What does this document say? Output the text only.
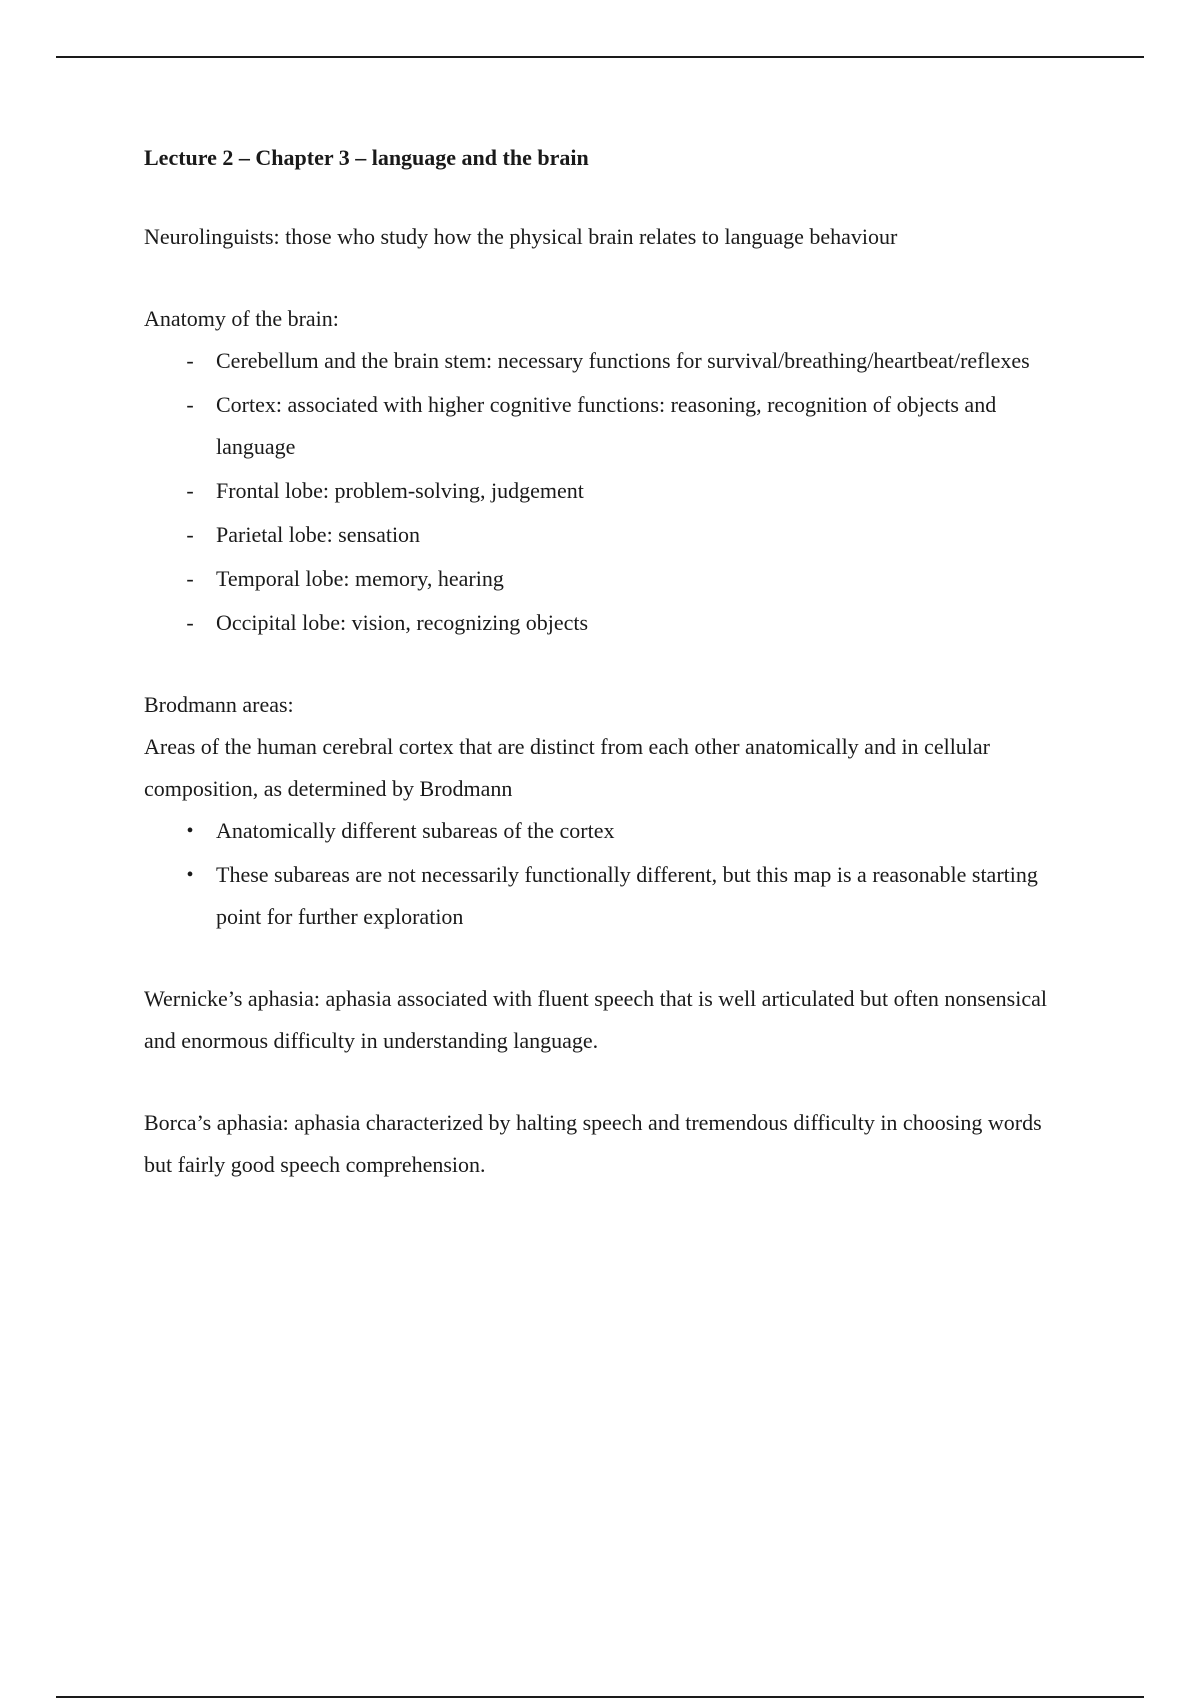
Lecture 2 – Chapter 3 – language and the brain

Neurolinguists: those who study how the physical brain relates to language behaviour

Anatomy of the brain:

- Cerebellum and the brain stem: necessary functions for survival/breathing/heartbeat/reflexes
- Cortex: associated with higher cognitive functions: reasoning, recognition of objects and language
- Frontal lobe: problem-solving, judgement
- Parietal lobe: sensation
- Temporal lobe: memory, hearing
- Occipital lobe: vision, recognizing objects

Brodmann areas:

Areas of the human cerebral cortex that are distinct from each other anatomically and in cellular composition, as determined by Brodmann

• Anatomically different subareas of the cortex
• These subareas are not necessarily functionally different, but this map is a reasonable starting point for further exploration

Wernicke’s aphasia: aphasia associated with fluent speech that is well articulated but often nonsensical and enormous difficulty in understanding language.

Borca’s aphasia: aphasia characterized by halting speech and tremendous difficulty in choosing words but fairly good speech comprehension.
